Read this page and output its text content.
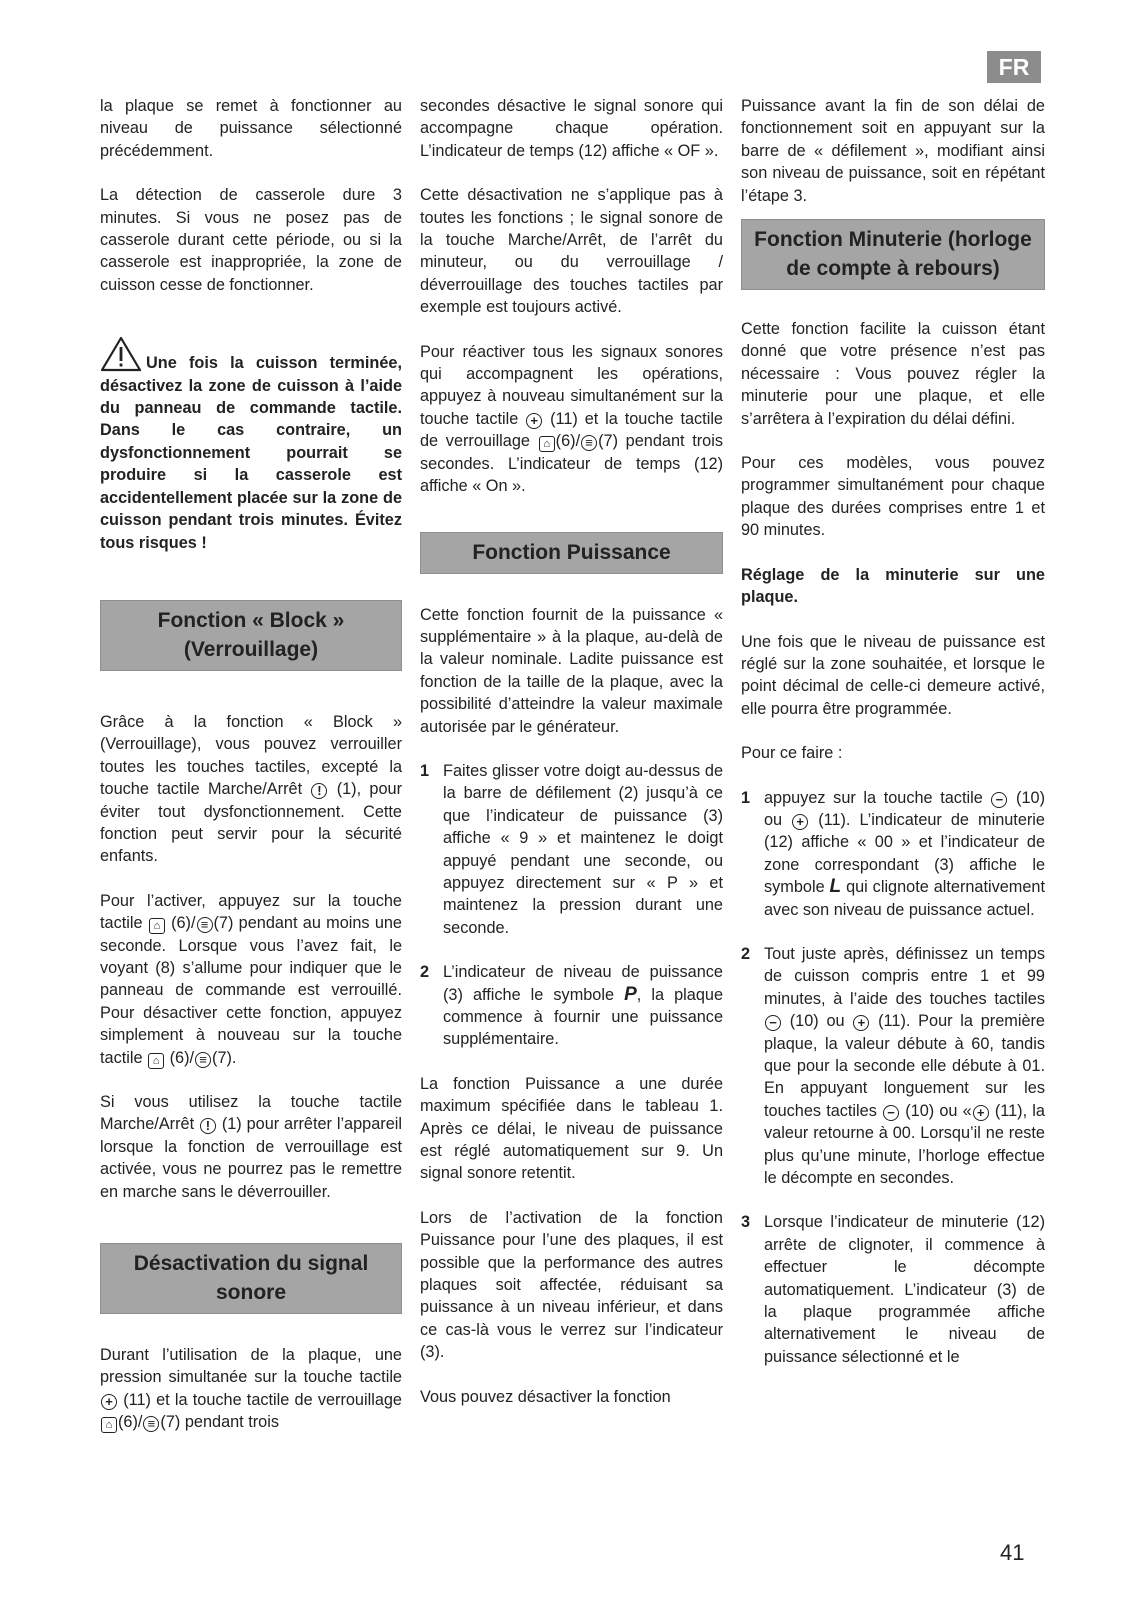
FR

la plaque se remet à fonctionner au niveau de puissance sélectionné précédemment.

La détection de casserole dure 3 minutes. Si vous ne posez pas de casserole durant cette période, ou si la casserole est inappropriée, la zone de cuisson cesse de fonctionner.

Une fois la cuisson terminée, désactivez la zone de cuisson à l’aide du panneau de commande tactile. Dans le cas contraire, un dysfonctionnement pourrait se produire si la casserole est accidentellement placée sur la zone de cuisson pendant trois minutes. Évitez tous risques !

Fonction « Block » (Verrouillage)

Grâce à la fonction « Block » (Verrouillage), vous pouvez verrouiller toutes les touches tactiles, excepté la touche tactile Marche/Arrêt ! (1), pour éviter tout dysfonctionnement. Cette fonction peut servir pour la sécurité enfants.

Pour l’activer, appuyez sur la touche tactile ⌂ (6)/ ≡ (7) pendant au moins une seconde. Lorsque vous l’avez fait, le voyant (8) s’allume pour indiquer que le panneau de commande est verrouillé. Pour désactiver cette fonction, appuyez simplement à nouveau sur la touche tactile ⌂ (6)/ ≡ (7).

Si vous utilisez la touche tactile Marche/Arrêt ! (1) pour arrêter l’appareil lorsque la fonction de verrouillage est activée, vous ne pourrez pas le remettre en marche sans le déverrouiller.

Désactivation du signal sonore

Durant l’utilisation de la plaque, une pression simultanée sur la touche tactile + (11) et la touche tactile de verrouillage ⌂ (6)/ ≡ (7) pendant trois

secondes désactive le signal sonore qui accompagne chaque opération. L’indicateur de temps (12) affiche « OF ».

Cette désactivation ne s’applique pas à toutes les fonctions ; le signal sonore de la touche Marche/Arrêt, de l’arrêt du minuteur, ou du verrouillage / déverrouillage des touches tactiles par exemple est toujours activé.

Pour réactiver tous les signaux sonores qui accompagnent les opérations, appuyez à nouveau simultanément sur la touche tactile + (11) et la touche tactile de verrouillage ⌂ (6)/ ≡ (7) pendant trois secondes. L’indicateur de temps (12) affiche « On ».

Fonction Puissance

Cette fonction fournit de la puissance « supplémentaire » à la plaque, au-delà de la valeur nominale. Ladite puissance est fonction de la taille de la plaque, avec la possibilité d’atteindre la valeur maximale autorisée par le générateur.

1 Faites glisser votre doigt au-dessus de la barre de défilement (2) jusqu’à ce que l’indicateur de puissance (3) affiche « 9 » et maintenez le doigt appuyé pendant une seconde, ou appuyez directement sur « P » et maintenez la pression durant une seconde.
2 L’indicateur de niveau de puissance (3) affiche le symbole P, la plaque commence à fournir une puissance supplémentaire.

La fonction Puissance a une durée maximum spécifiée dans le tableau 1. Après ce délai, le niveau de puissance est réglé automatiquement sur 9. Un signal sonore retentit.

Lors de l’activation de la fonction Puissance pour l’une des plaques, il est possible que la performance des autres plaques soit affectée, réduisant sa puissance à un niveau inférieur, et dans ce cas-là vous le verrez sur l’indicateur (3).

Vous pouvez désactiver la fonction

Puissance avant la fin de son délai de fonctionnement soit en appuyant sur la barre de « défilement », modifiant ainsi son niveau de puissance, soit en répétant l’étape 3.

Fonction Minuterie (horloge de compte à rebours)

Cette fonction facilite la cuisson étant donné que votre présence n’est pas nécessaire : Vous pouvez régler la minuterie pour une plaque, et elle s’arrêtera à l’expiration du délai défini.

Pour ces modèles, vous pouvez programmer simultanément pour chaque plaque des durées comprises entre 1 et 90 minutes.

Réglage de la minuterie sur une plaque.

Une fois que le niveau de puissance est réglé sur la zone souhaitée, et lorsque le point décimal de celle-ci demeure activé, elle pourra être programmée.

Pour ce faire :

1 appuyez sur la touche tactile − (10) ou + (11). L’indicateur de minuterie (12) affiche « 00 » et l’indicateur de zone correspondant (3) affiche le symbole L qui clignote alternativement avec son niveau de puissance actuel.
2 Tout juste après, définissez un temps de cuisson compris entre 1 et 99 minutes, à l’aide des touches tactiles − (10) ou + (11). Pour la première plaque, la valeur débute à 60, tandis que pour la seconde elle débute à 01. En appuyant longuement sur les touches tactiles − (10) ou « + (11), la valeur retourne à 00. Lorsqu’il ne reste plus qu’une minute, l’horloge effectue le décompte en secondes.
3 Lorsque l’indicateur de minuterie (12) arrête de clignoter, il commence à effectuer le décompte automatiquement. L’indicateur (3) de la plaque programmée affiche alternativement le niveau de puissance sélectionné et le
41
